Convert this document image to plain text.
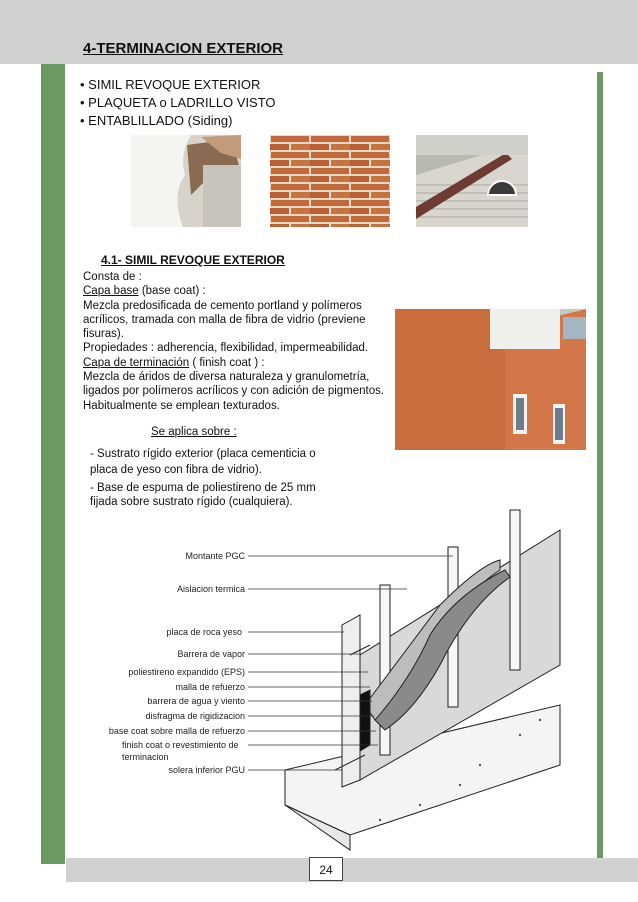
4-TERMINACION EXTERIOR
• SIMIL REVOQUE EXTERIOR
• PLAQUETA o LADRILLO VISTO
• ENTABLILLADO (Siding)
4.1- SIMIL REVOQUE EXTERIOR

Consta de :

Capa base (base coat) :

Mezcla predosificada de cemento portland y polímeros acrílicos, tramada con malla de fibra de vidrio (previene fisuras).

Propiedades : adherencia, flexibilidad, impermeabilidad.

Capa de terminación ( finish coat ) :

Mezcla de áridos de diversa naturaleza y granulometría, ligados por polímeros acrílicos y con adición de pigmentos. Habitualmente se emplean texturados.

Se aplica sobre :
- Sustrato rígido exterior (placa cementicia o placa de yeso con fibra de vidrio).
- Base de espuma de poliestireno de 25 mm fijada sobre sustrato rígido (cualquiera).
Montante PGC
Aislacion termica
placa de roca yeso
Barrera de vapor
poliestireno expandido (EPS)
malla de refuerzo
barrera de agua y viento
disfragma de rigidizacion
base coat sobre malla de refuerzo
finish coat o revestimiento de
terminacion
solera inferior PGU
24
